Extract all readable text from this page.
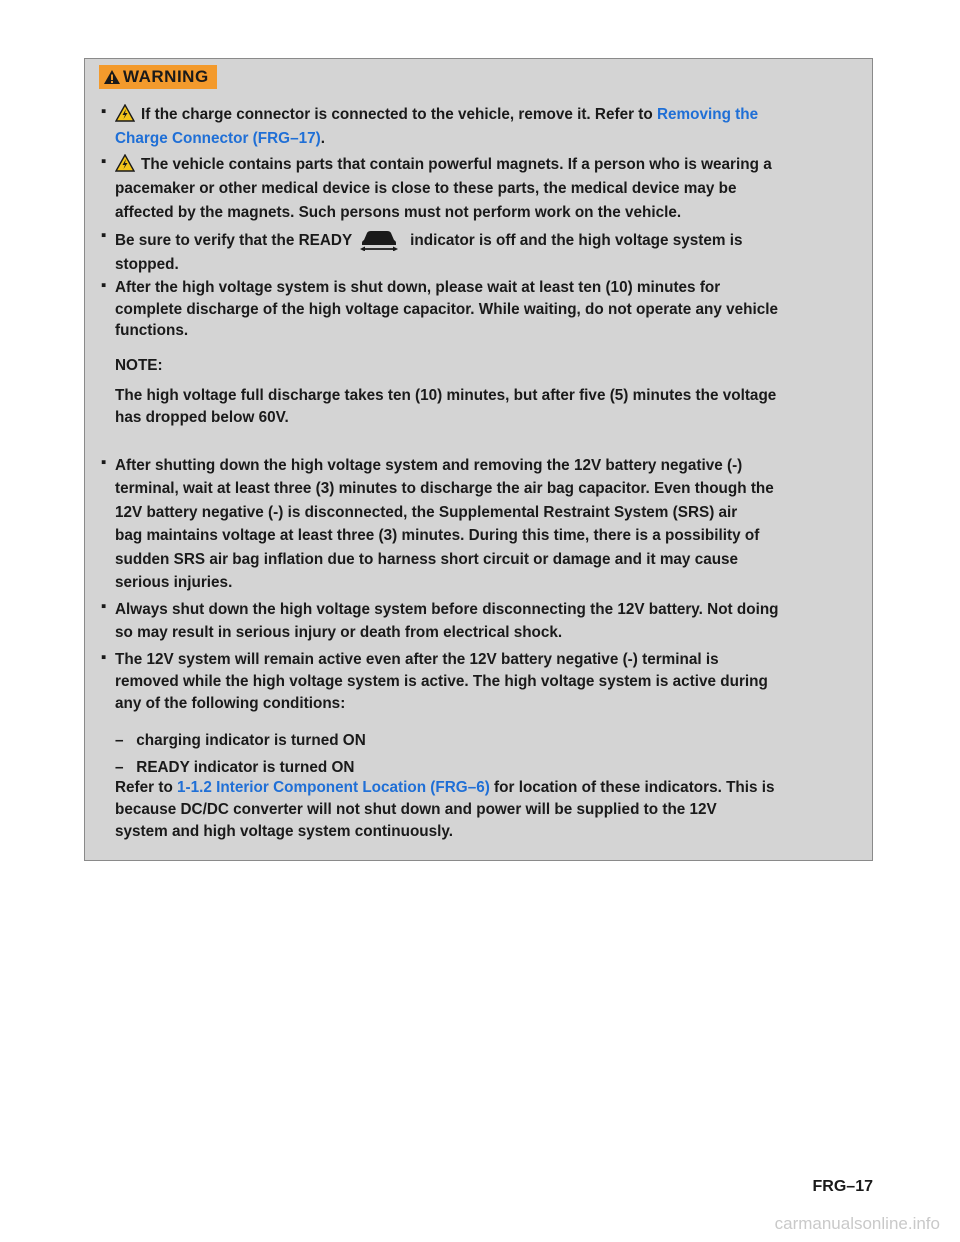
WARNING
▪	If the charge connector is connected to the vehicle, remove it. Refer to Removing the
Charge Connector (FRG–17).
▪	The vehicle contains parts that contain powerful magnets. If a person who is wearing a
pacemaker or other medical device is close to these parts, the medical device may be
affected by the magnets. Such persons must not perform work on the vehicle.
▪ Be sure to verify that the READY	indicator is off and the high voltage system is
stopped.
▪ After the high voltage system is shut down, please wait at least ten (10) minutes for
complete discharge of the high voltage capacitor. While waiting, do not operate any vehicle
functions.
NOTE:
The high voltage full discharge takes ten (10) minutes, but after five (5) minutes the voltage
has dropped below 60V.
▪ After shutting down the high voltage system and removing the 12V battery negative (-)
terminal, wait at least three (3) minutes to discharge the air bag capacitor. Even though the
12V battery negative (-) is disconnected, the Supplemental Restraint System (SRS) air
bag maintains voltage at least three (3) minutes. During this time, there is a possibility of
sudden SRS air bag inflation due to harness short circuit or damage and it may cause
serious injuries.
▪ Always shut down the high voltage system before disconnecting the 12V battery. Not doing
so may result in serious injury or death from electrical shock.
▪ The 12V system will remain active even after the 12V battery negative (-) terminal is
removed while the high voltage system is active. The high voltage system is active during
any of the following conditions:
– charging indicator is turned ON
– READY indicator is turned ON
Refer to 1-1.2 Interior Component Location (FRG–6) for location of these indicators. This is
because DC/DC converter will not shut down and power will be supplied to the 12V
system and high voltage system continuously.
FRG–17
carmanualsonline.info
